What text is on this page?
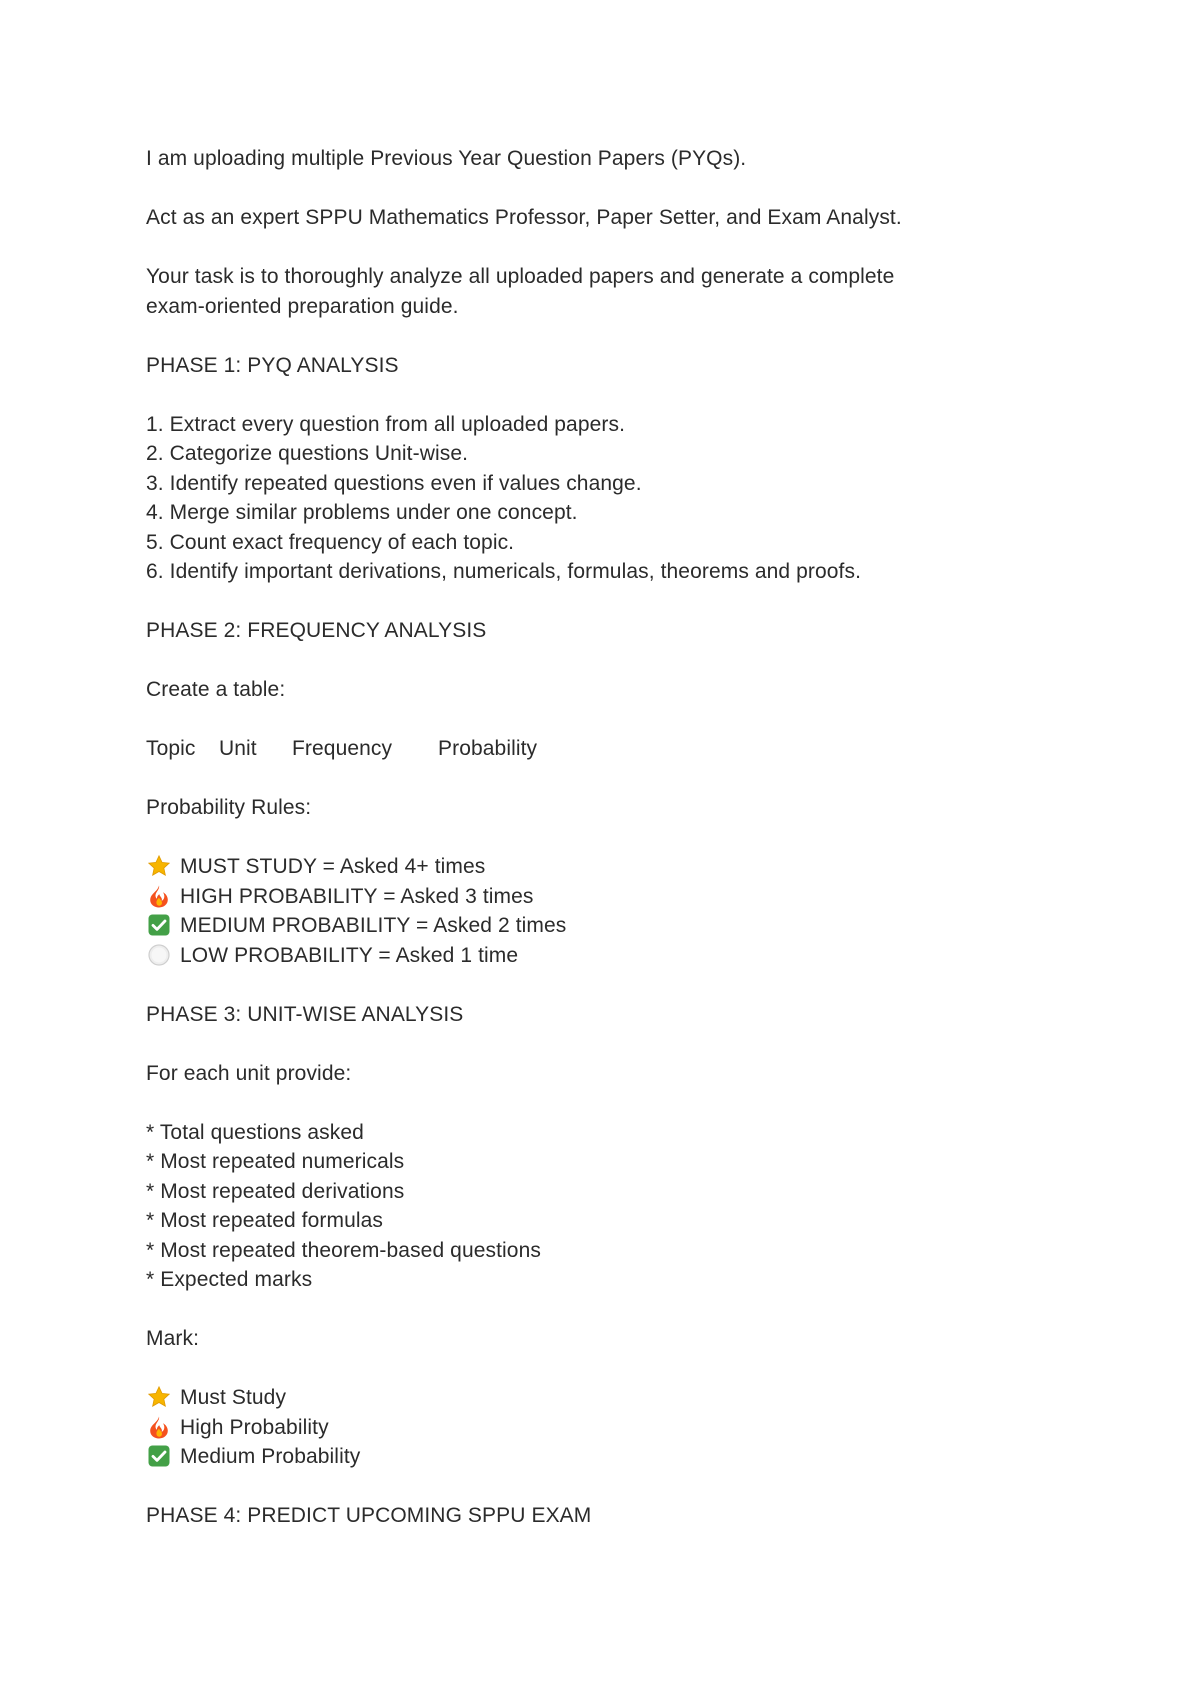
I am uploading multiple Previous Year Question Papers (PYQs).

Act as an expert SPPU Mathematics Professor, Paper Setter, and Exam Analyst.

Your task is to thoroughly analyze all uploaded papers and generate a complete
exam-oriented preparation guide.

PHASE 1: PYQ ANALYSIS

1. Extract every question from all uploaded papers.
2. Categorize questions Unit-wise.
3. Identify repeated questions even if values change.
4. Merge similar problems under one concept.
5. Count exact frequency of each topic.
6. Identify important derivations, numericals, formulas, theorems and proofs.

PHASE 2: FREQUENCY ANALYSIS

Create a table:

Topic Unit Frequency Probability

Probability Rules:

MUST STUDY = Asked 4+ times
HIGH PROBABILITY = Asked 3 times
MEDIUM PROBABILITY = Asked 2 times
LOW PROBABILITY = Asked 1 time

PHASE 3: UNIT-WISE ANALYSIS

For each unit provide:

* Total questions asked
* Most repeated numericals
* Most repeated derivations
* Most repeated formulas
* Most repeated theorem-based questions
* Expected marks

Mark:

Must Study
High Probability
Medium Probability

PHASE 4: PREDICT UPCOMING SPPU EXAM
